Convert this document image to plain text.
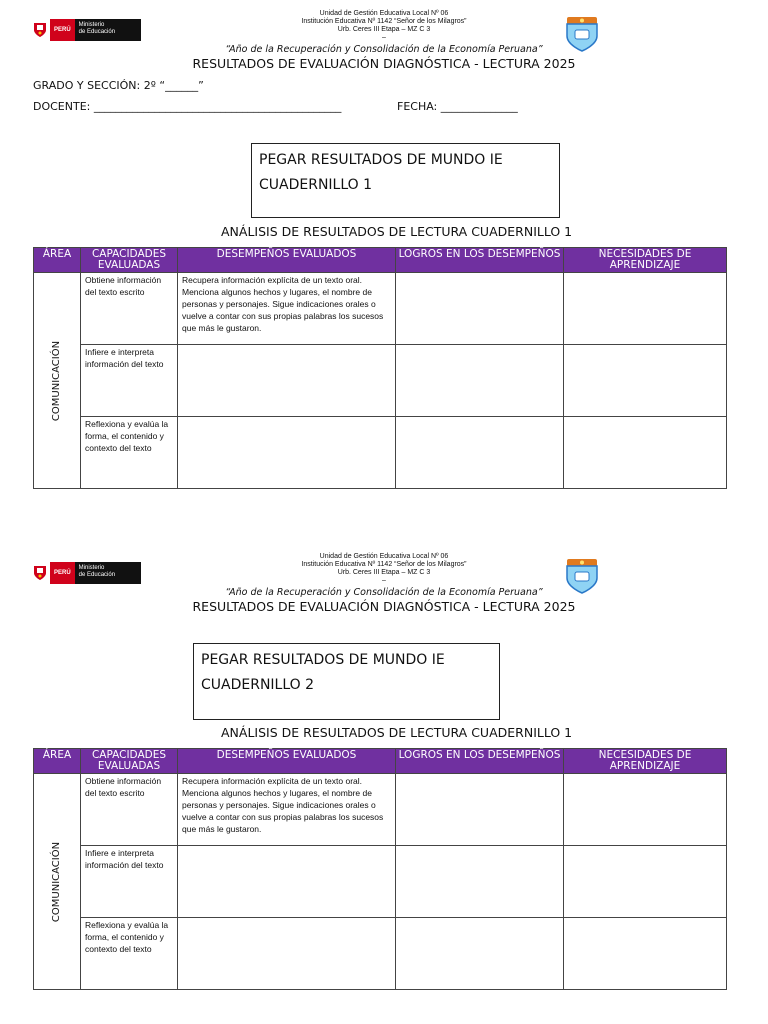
PERÚ
Ministerio
de Educación
Unidad de Gestión Educativa Local Nº 06
Institución Educativa Nº 1142 “Señor de los Milagros”
Urb. Ceres III Etapa – MZ C 3
–
“Año de la Recuperación y Consolidación de la Economía Peruana”
RESULTADOS DE EVALUACIÓN DIAGNÓSTICA - LECTURA 2025
GRADO Y SECCIÓN: 2º “______”
DOCENTE: _____________________________________________	FECHA: ______________
PEGAR RESULTADOS DE MUNDO IE
CUADERNILLO 1
ANÁLISIS DE RESULTADOS DE LECTURA CUADERNILLO 1
ÁREA	CAPACIDADES EVALUADAS	DESEMPEÑOS EVALUADOS	LOGROS EN LOS DESEMPEÑOS	NECESIDADES DE APRENDIZAJE

COMUNICACIÓN	Obtiene información del texto escrito	Recupera información explícita de un texto oral. Menciona algunos hechos y lugares, el nombre de personas y personajes. Sigue indicaciones orales o vuelve a contar con sus propias palabras los sucesos que más le gustaron.		
	Infiere e interpreta información del texto			
	Reflexiona y evalúa la forma, el contenido y contexto del texto			
PERÚ
Ministerio
de Educación
Unidad de Gestión Educativa Local Nº 06
Institución Educativa Nº 1142 “Señor de los Milagros”
Urb. Ceres III Etapa – MZ C 3
–
“Año de la Recuperación y Consolidación de la Economía Peruana”
RESULTADOS DE EVALUACIÓN DIAGNÓSTICA - LECTURA 2025
PEGAR RESULTADOS DE MUNDO IE
CUADERNILLO 2
ANÁLISIS DE RESULTADOS DE LECTURA CUADERNILLO 1
ÁREA	CAPACIDADES EVALUADAS	DESEMPEÑOS EVALUADOS	LOGROS EN LOS DESEMPEÑOS	NECESIDADES DE APRENDIZAJE

COMUNICACIÓN	Obtiene información del texto escrito	Recupera información explícita de un texto oral. Menciona algunos hechos y lugares, el nombre de personas y personajes. Sigue indicaciones orales o vuelve a contar con sus propias palabras los sucesos que más le gustaron.		
	Infiere e interpreta información del texto			
	Reflexiona y evalúa la forma, el contenido y contexto del texto			
